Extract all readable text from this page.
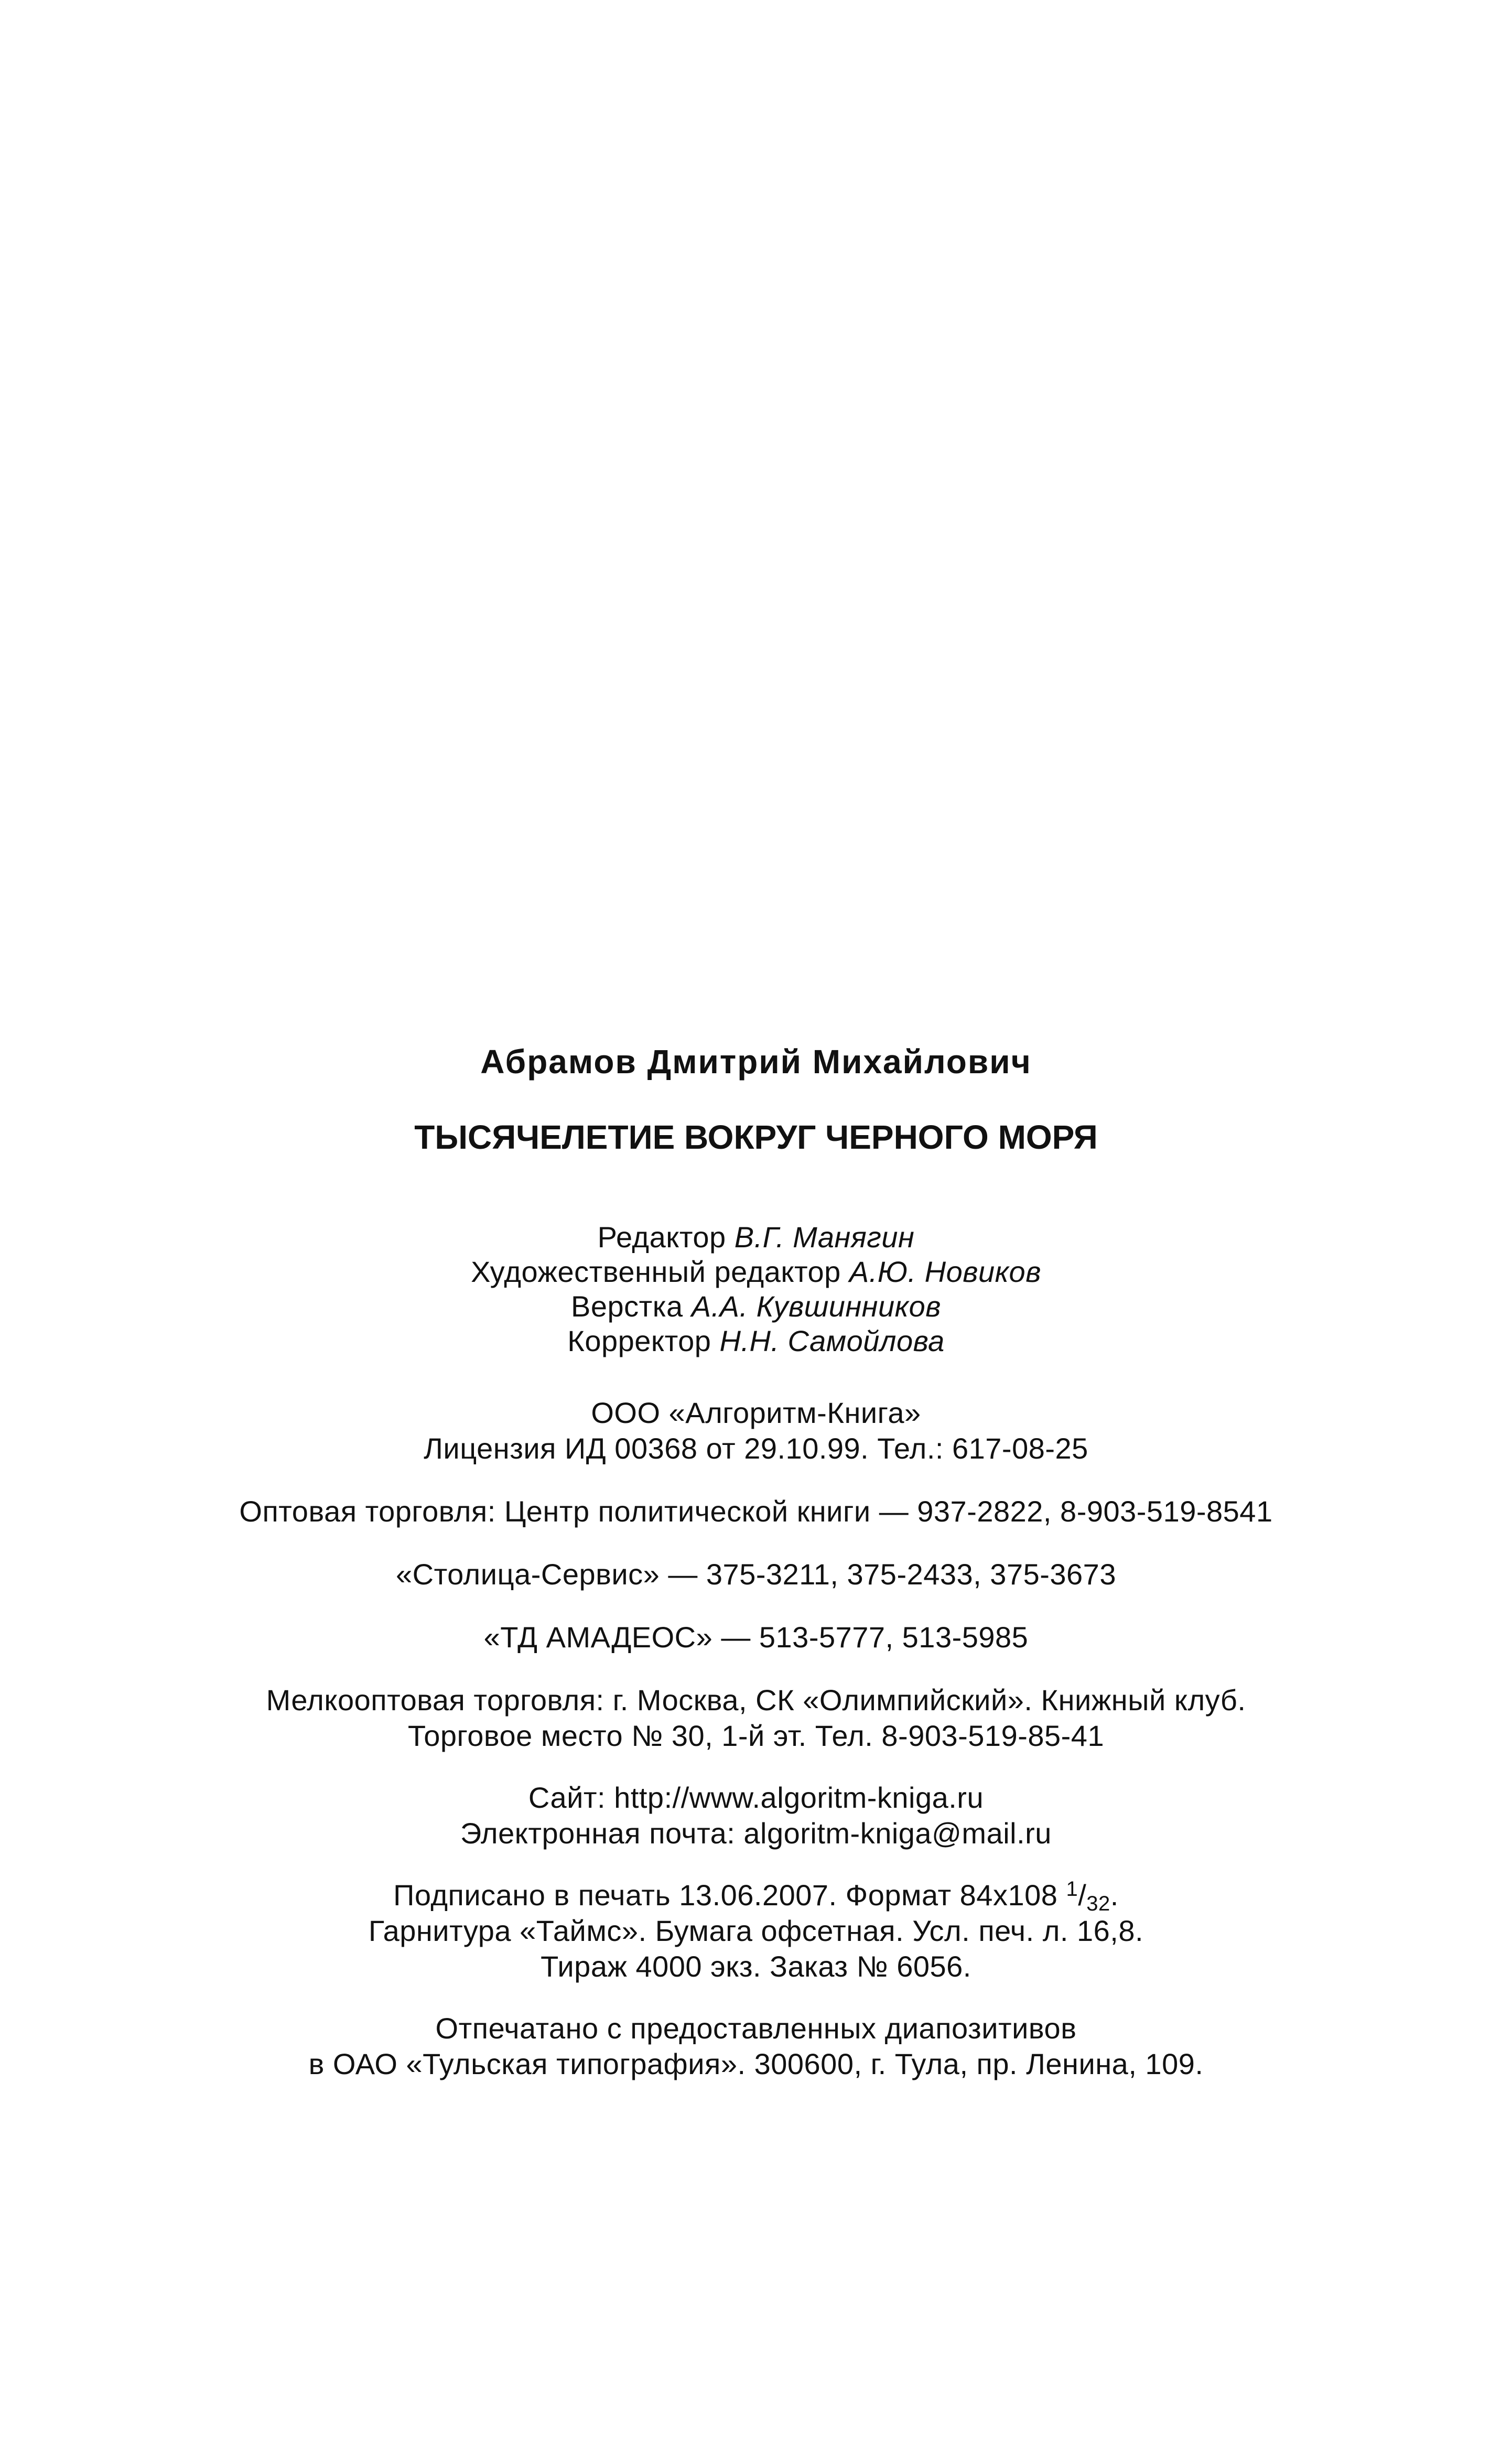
Абрамов Дмитрий Михайлович
ТЫСЯЧЕЛЕТИЕ ВОКРУГ ЧЕРНОГО МОРЯ
Редактор В.Г. Манягин
Художественный редактор А.Ю. Новиков
Верстка А.А. Кувшинников
Корректор Н.Н. Самойлова
ООО «Алгоритм-Книга»
Лицензия ИД 00368 от 29.10.99. Тел.: 617-08-25
Оптовая торговля: Центр политической книги — 937-2822, 8-903-519-8541
«Столица-Сервис» — 375-3211, 375-2433, 375-3673
«ТД АМАДЕОС» — 513-5777, 513-5985
Мелкооптовая торговля: г. Москва, СК «Олимпийский». Книжный клуб.
Торговое место № 30, 1-й эт. Тел. 8-903-519-85-41
Сайт: http://www.algoritm-kniga.ru
Электронная почта: algoritm-kniga@mail.ru
Подписано в печать 13.06.2007. Формат 84x108 $^1/_{32}$.
Гарнитура «Таймс». Бумага офсетная. Усл. печ. л. 16,8.
Тираж 4000 экз. Заказ № 6056.
Отпечатано с предоставленных диапозитивов
в ОАО «Тульская типография». 300600, г. Тула, пр. Ленина, 109.
